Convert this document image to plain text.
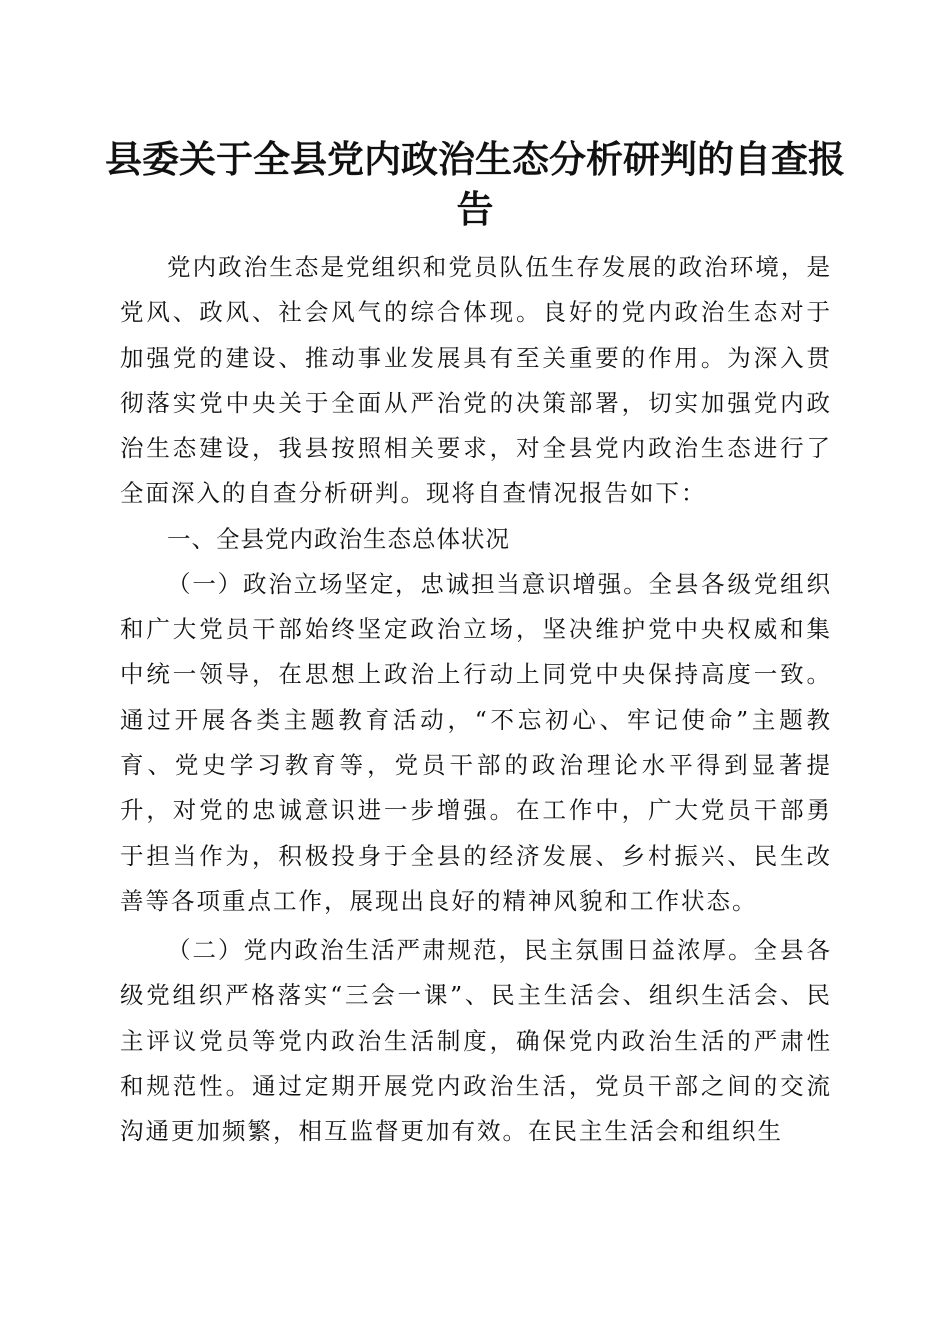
县委关于全县党内政治生态分析研判的自查报告

党内政治生态是党组织和党员队伍生存发展的政治环境，是党风、政风、社会风气的综合体现。良好的党内政治生态对于加强党的建设、推动事业发展具有至关重要的作用。为深入贯彻落实党中央关于全面从严治党的决策部署，切实加强党内政治生态建设，我县按照相关要求，对全县党内政治生态进行了全面深入的自查分析研判。现将自查情况报告如下：

一、全县党内政治生态总体状况

（一）政治立场坚定，忠诚担当意识增强。全县各级党组织和广大党员干部始终坚定政治立场，坚决维护党中央权威和集中统一领导，在思想上政治上行动上同党中央保持高度一致。通过开展各类主题教育活动，“不忘初心、牢记使命”主题教育、党史学习教育等，党员干部的政治理论水平得到显著提升，对党的忠诚意识进一步增强。在工作中，广大党员干部勇于担当作为，积极投身于全县的经济发展、乡村振兴、民生改善等各项重点工作，展现出良好的精神风貌和工作状态。

（二）党内政治生活严肃规范，民主氛围日益浓厚。全县各级党组织严格落实“三会一课”、民主生活会、组织生活会、民主评议党员等党内政治生活制度，确保党内政治生活的严肃性和规范性。通过定期开展党内政治生活，党员干部之间的交流沟通更加频繁，相互监督更加有效。在民主生活会和组织生
